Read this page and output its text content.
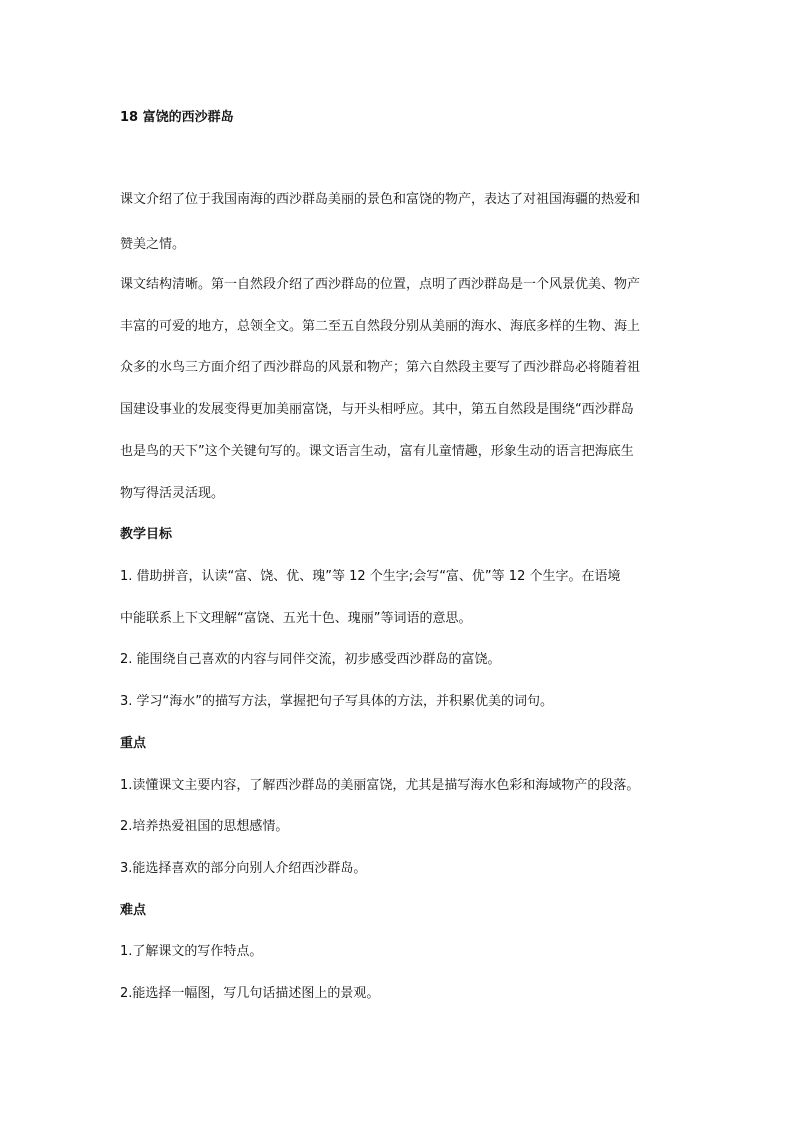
18 富饶的西沙群岛
课文介绍了位于我国南海的西沙群岛美丽的景色和富饶的物产，表达了对祖国海疆的热爱和
赞美之情。
课文结构清晰。第一自然段介绍了西沙群岛的位置，点明了西沙群岛是一个风景优美、物产
丰富的可爱的地方，总领全文。第二至五自然段分别从美丽的海水、海底多样的生物、海上
众多的水鸟三方面介绍了西沙群岛的风景和物产；第六自然段主要写了西沙群岛必将随着祖
国建设事业的发展变得更加美丽富饶，与开头相呼应。其中，第五自然段是围绕“西沙群岛
也是鸟的天下”这个关键句写的。课文语言生动，富有儿童情趣，形象生动的语言把海底生
物写得活灵活现。
教学目标
1. 借助拼音，认读“富、饶、优、瑰”等 12 个生字;会写“富、优”等 12 个生字。在语境
中能联系上下文理解“富饶、五光十色、瑰丽”等词语的意思。
2. 能围绕自己喜欢的内容与同伴交流，初步感受西沙群岛的富饶。
3. 学习“海水”的描写方法，掌握把句子写具体的方法，并积累优美的词句。
重点
1.读懂课文主要内容，了解西沙群岛的美丽富饶，尤其是描写海水色彩和海域物产的段落。
2.培养热爱祖国的思想感情。
3.能选择喜欢的部分向别人介绍西沙群岛。
难点
1.了解课文的写作特点。
2.能选择一幅图，写几句话描述图上的景观。
